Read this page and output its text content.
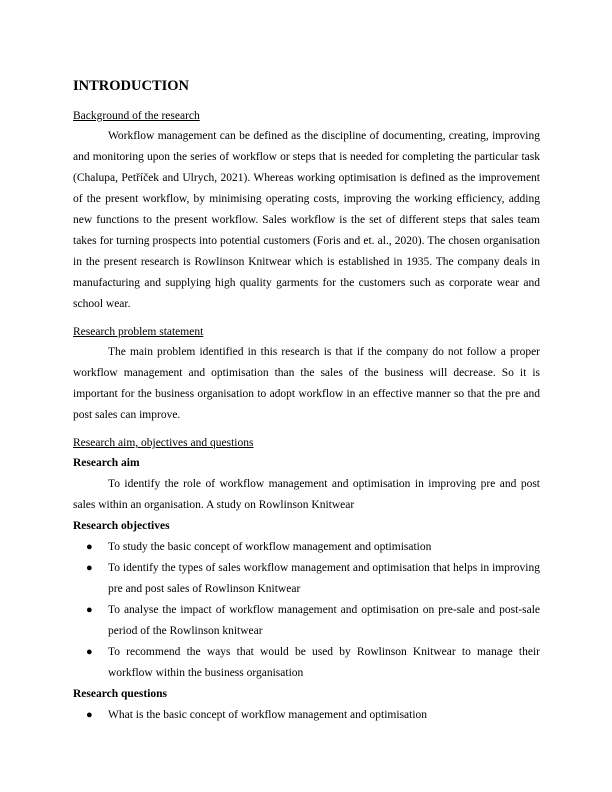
INTRODUCTION

Background of the research

Workflow management can be defined as the discipline of documenting, creating, improving and monitoring upon the series of workflow or steps that is needed for completing the particular task (Chalupa, Petříček and Ulrych, 2021). Whereas working optimisation is defined as the improvement of the present workflow, by minimising operating costs, improving the working efficiency, adding new functions to the present workflow. Sales workflow is the set of different steps that sales team takes for turning prospects into potential customers (Foris and et. al., 2020). The chosen organisation in the present research is Rowlinson Knitwear which is established in 1935. The company deals in manufacturing and supplying high quality garments for the customers such as corporate wear and school wear.

Research problem statement

The main problem identified in this research is that if the company do not follow a proper workflow management and optimisation than the sales of the business will decrease. So it is important for the business organisation to adopt workflow in an effective manner so that the pre and post sales can improve.

Research aim, objectives and questions

Research aim

To identify the role of workflow management and optimisation in improving pre and post sales within an organisation. A study on Rowlinson Knitwear

Research objectives

● To study the basic concept of workflow management and optimisation
● To identify the types of sales workflow management and optimisation that helps in improving pre and post sales of Rowlinson Knitwear
● To analyse the impact of workflow management and optimisation on pre-sale and post-sale period of the Rowlinson knitwear
● To recommend the ways that would be used by Rowlinson Knitwear to manage their workflow within the business organisation

Research questions

● What is the basic concept of workflow management and optimisation
